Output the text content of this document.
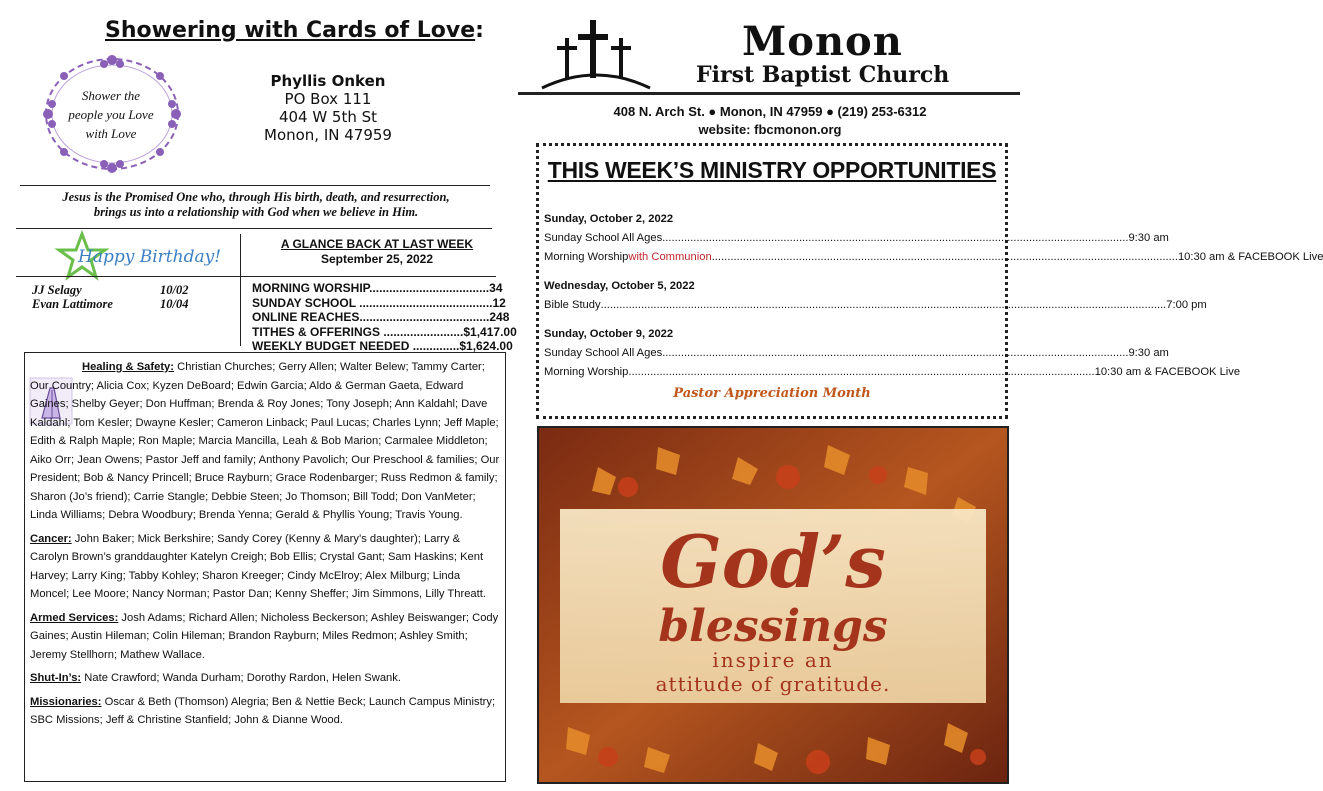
Showering with Cards of Love:
Shower the
people you Love
with Love
Phyllis Onken
PO Box 111
404 W 5th St
Monon, IN 47959
Jesus is the Promised One who, through His birth, death, and resurrection,
brings us into a relationship with God when we believe in Him.
Happy Birthday!
JJ Selagy	10/02
Evan Lattimore	10/04
A GLANCE BACK AT LAST WEEK
September 25, 2022
MORNING WORSHIP.................................... 34
SUNDAY SCHOOL ........................................ 12
ONLINE REACHES....................................... 248
TITHES & OFFERINGS ........................ $1,417.00
WEEKLY BUDGET NEEDED .............. $1,624.00

Healing & Safety: Christian Churches; Gerry Allen; Walter Belew; Tammy Carter; Our Country; Alicia Cox; Kyzen DeBoard; Edwin Garcia; Aldo & German Gaeta, Edward Gaines; Shelby Geyer; Don Huffman; Brenda & Roy Jones; Tony Joseph; Ann Kaldahl; Dave Kaldahl; Tom Kesler; Dwayne Kesler; Cameron Linback; Paul Lucas; Charles Lynn; Jeff Maple; Edith & Ralph Maple; Ron Maple; Marcia Mancilla, Leah & Bob Marion; Carmalee Middleton; Aiko Orr; Jean Owens; Pastor Jeff and family; Anthony Pavolich; Our Preschool & families; Our President; Bob & Nancy Princell; Bruce Rayburn; Grace Rodenbarger; Russ Redmon & family; Sharon (Jo’s friend); Carrie Stangle; Debbie Steen; Jo Thomson; Bill Todd; Don VanMeter; Linda Williams; Debra Woodbury; Brenda Yenna; Gerald & Phyllis Young; Travis Young.

Cancer: John Baker; Mick Berkshire; Sandy Corey (Kenny & Mary’s daughter); Larry & Carolyn Brown’s granddaughter Katelyn Creigh; Bob Ellis; Crystal Gant; Sam Haskins; Kent Harvey; Larry King; Tabby Kohley; Sharon Kreeger; Cindy McElroy; Alex Milburg; Linda Moncel; Lee Moore; Nancy Norman; Pastor Dan; Kenny Sheffer; Jim Simmons, Lilly Threatt.

Armed Services: Josh Adams; Richard Allen; Nicholess Beckerson; Ashley Beiswanger; Cody Gaines; Austin Hileman; Colin Hileman; Brandon Rayburn; Miles Redmon; Ashley Smith; Jeremy Stellhorn; Mathew Wallace.

Shut-In’s: Nate Crawford; Wanda Durham; Dorothy Rardon, Helen Swank.

Missionaries: Oscar & Beth (Thomson) Alegria; Ben & Nettie Beck; Launch Campus Ministry; SBC Missions; Jeff & Christine Stanfield; John & Dianne Wood.

Monon
First Baptist Church
408 N. Arch St. ● Monon, IN 47959 ● (219) 253-6312
website: fbcmonon.org
THIS WEEK’S MINISTRY OPPORTUNITIES
Sunday, October 2, 2022
Sunday School All Ages ...................................................................................................................................................... 9:30 am
Morning Worship with Communion ...................................................................................................................................................... 10:30 am & FACEBOOK Live
Wednesday, October 5, 2022
Bible Study ...................................................................................................................................................................................... 7:00 pm
Sunday, October 9, 2022
Sunday School All Ages ...................................................................................................................................................... 9:30 am
Morning Worship ...................................................................................................................................................... 10:30 am & FACEBOOK Live
Pastor Appreciation Month
God’s
blessings
inspire an
attitude of gratitude.
